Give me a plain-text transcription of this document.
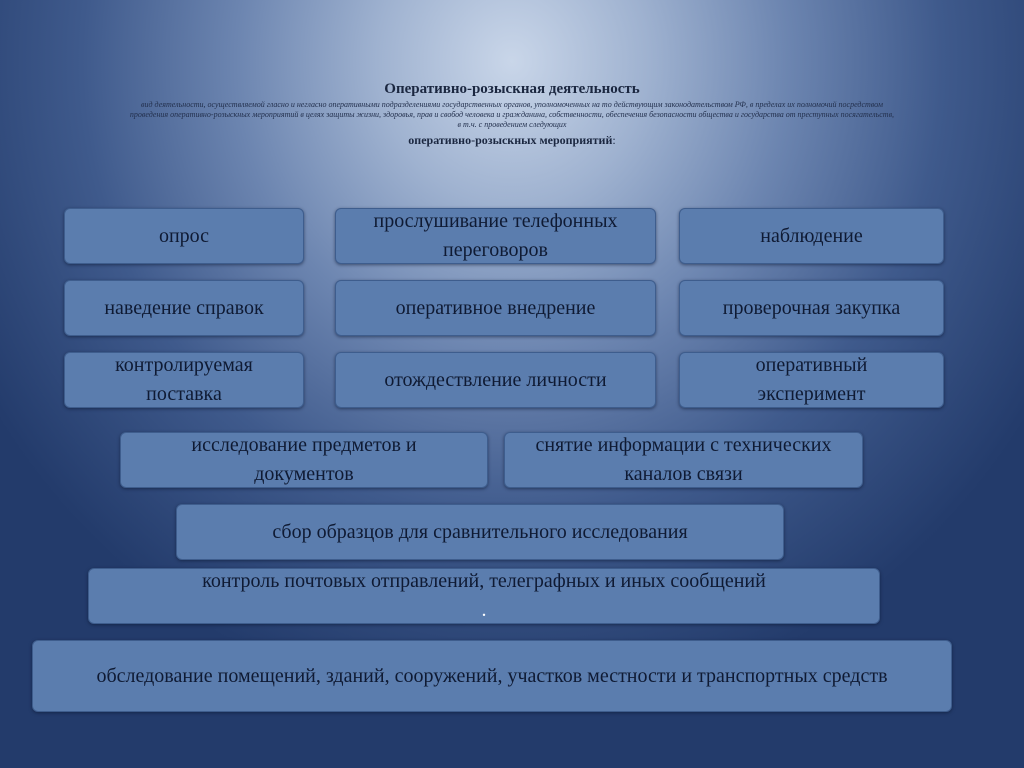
Оперативно-розыскная деятельность
вид деятельности, осуществляемой гласно и негласно оперативными подразделениями государственных органов, уполномоченных на то действующим законодательством РФ, в пределах их полномочий посредством
проведения оперативно-розыскных мероприятий в целях защиты жизни, здоровья, прав и свобод человека и гражданина, собственности, обеспечения безопасности общества и государства от преступных посягательств,
в т.ч. с проведением следующих
оперативно-розыскных мероприятий:
опрос
прослушивание телефонных переговоров
наблюдение
наведение справок	оперативное внедрение	проверочная закупка
контролируемая поставка
отождествление личности
оперативный эксперимент
исследование предметов и документов
снятие информации с технических каналов связи
сбор образцов для сравнительного исследования
контроль почтовых отправлений, телеграфных и иных сообщений
.
обследование помещений, зданий, сооружений, участков местности и транспортных средств
